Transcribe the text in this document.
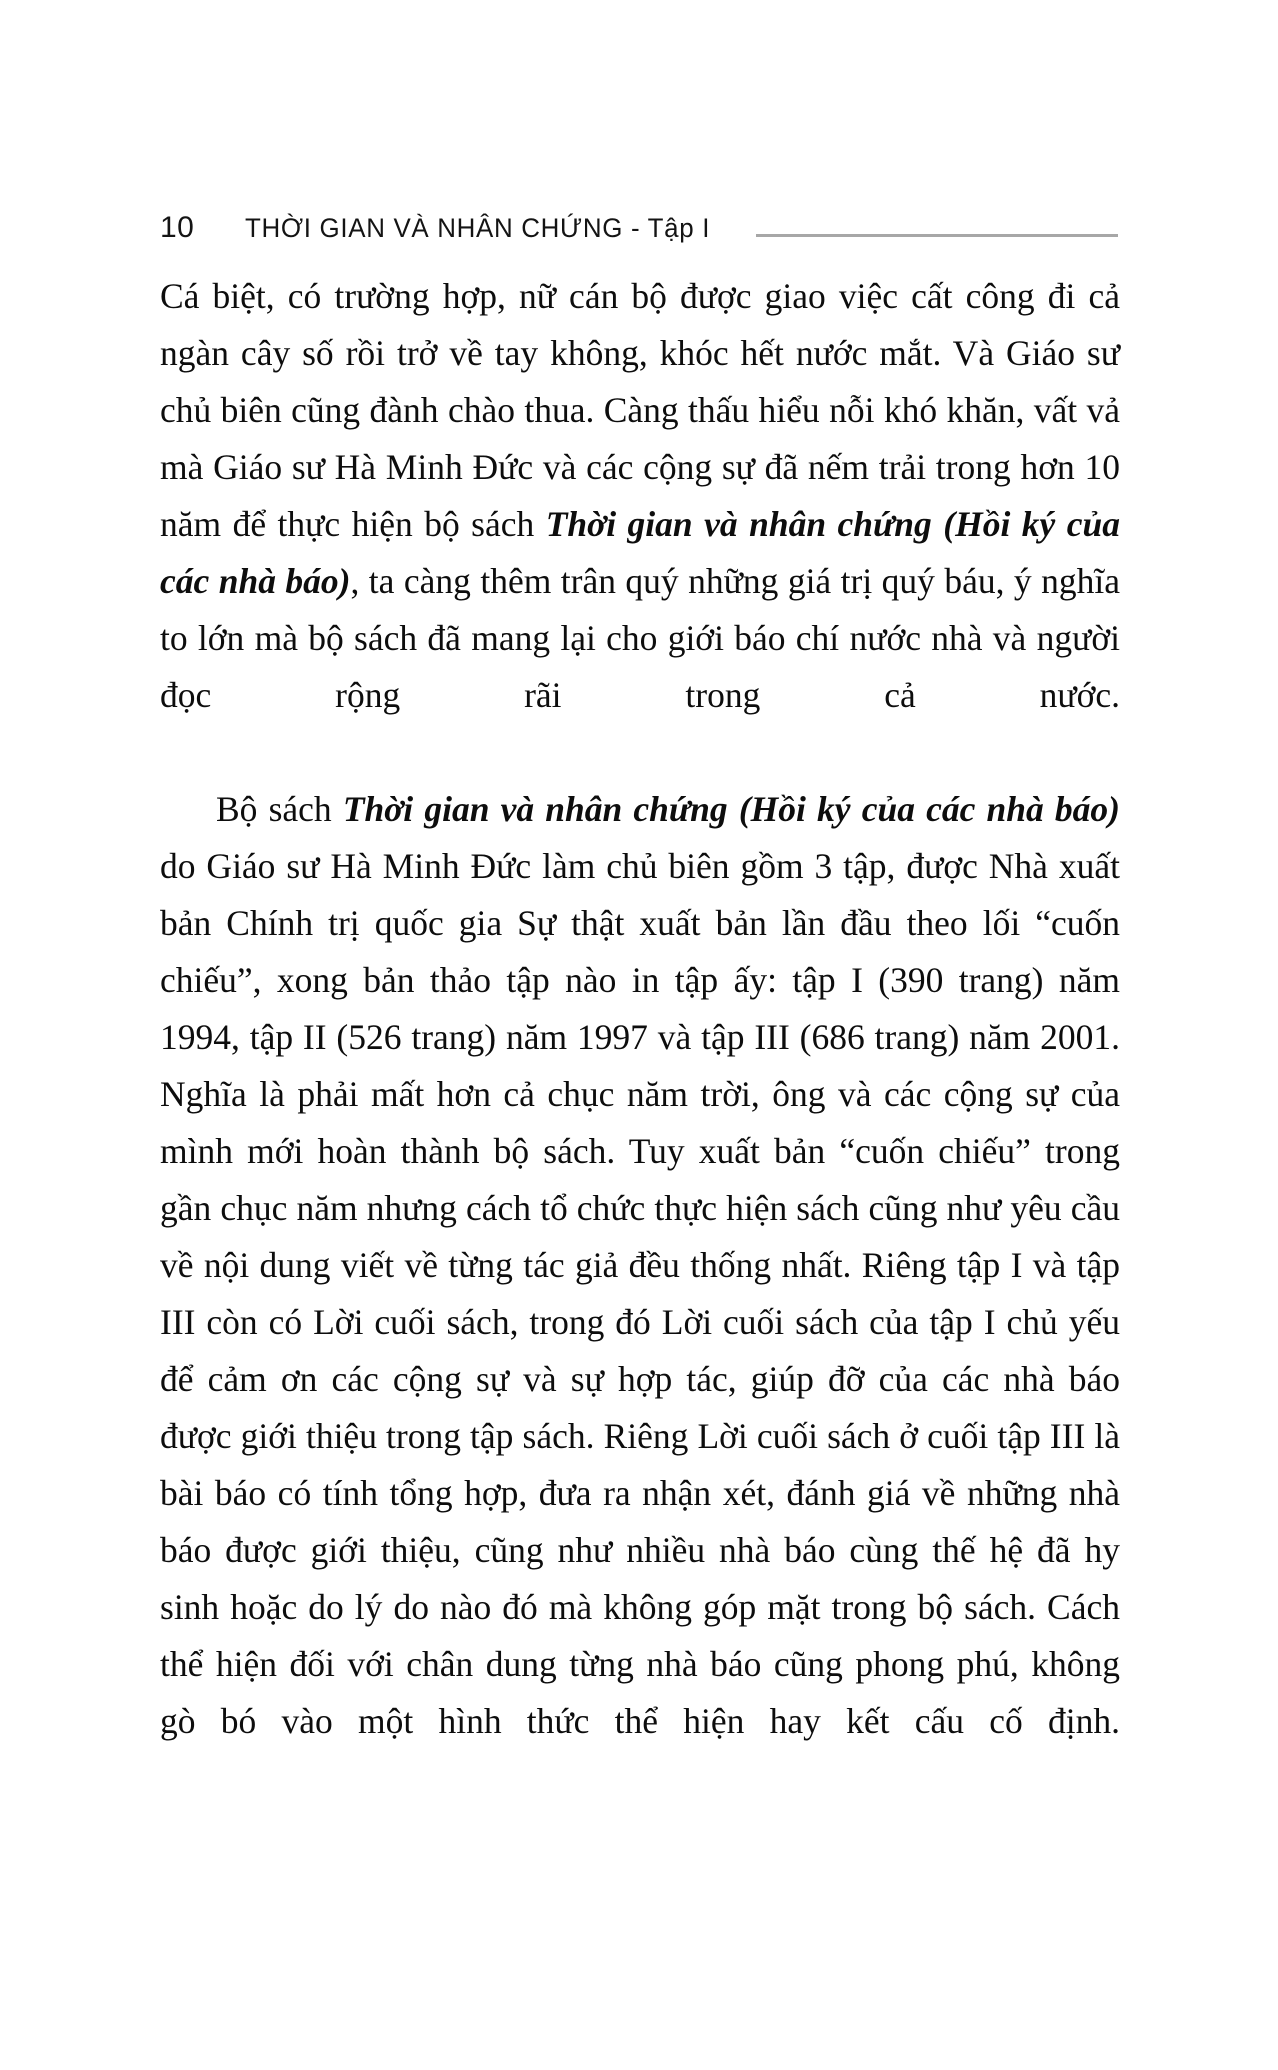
10 THỜI GIAN VÀ NHÂN CHỨNG - Tập I

Cá biệt, có trường hợp, nữ cán bộ được giao việc cất công đi cả ngàn cây số rồi trở về tay không, khóc hết nước mắt. Và Giáo sư chủ biên cũng đành chào thua. Càng thấu hiểu nỗi khó khăn, vất vả mà Giáo sư Hà Minh Đức và các cộng sự đã nếm trải trong hơn 10 năm để thực hiện bộ sách Thời gian và nhân chứng (Hồi ký của các nhà báo), ta càng thêm trân quý những giá trị quý báu, ý nghĩa to lớn mà bộ sách đã mang lại cho giới báo chí nước nhà và người đọc rộng rãi trong cả nước.

Bộ sách Thời gian và nhân chứng (Hồi ký của các nhà báo) do Giáo sư Hà Minh Đức làm chủ biên gồm 3 tập, được Nhà xuất bản Chính trị quốc gia Sự thật xuất bản lần đầu theo lối “cuốn chiếu”, xong bản thảo tập nào in tập ấy: tập I (390 trang) năm 1994, tập II (526 trang) năm 1997 và tập III (686 trang) năm 2001. Nghĩa là phải mất hơn cả chục năm trời, ông và các cộng sự của mình mới hoàn thành bộ sách. Tuy xuất bản “cuốn chiếu” trong gần chục năm nhưng cách tổ chức thực hiện sách cũng như yêu cầu về nội dung viết về từng tác giả đều thống nhất. Riêng tập I và tập III còn có Lời cuối sách, trong đó Lời cuối sách của tập I chủ yếu để cảm ơn các cộng sự và sự hợp tác, giúp đỡ của các nhà báo được giới thiệu trong tập sách. Riêng Lời cuối sách ở cuối tập III là bài báo có tính tổng hợp, đưa ra nhận xét, đánh giá về những nhà báo được giới thiệu, cũng như nhiều nhà báo cùng thế hệ đã hy sinh hoặc do lý do nào đó mà không góp mặt trong bộ sách. Cách thể hiện đối với chân dung từng nhà báo cũng phong phú, không gò bó vào một hình thức thể hiện hay kết cấu cố định.
